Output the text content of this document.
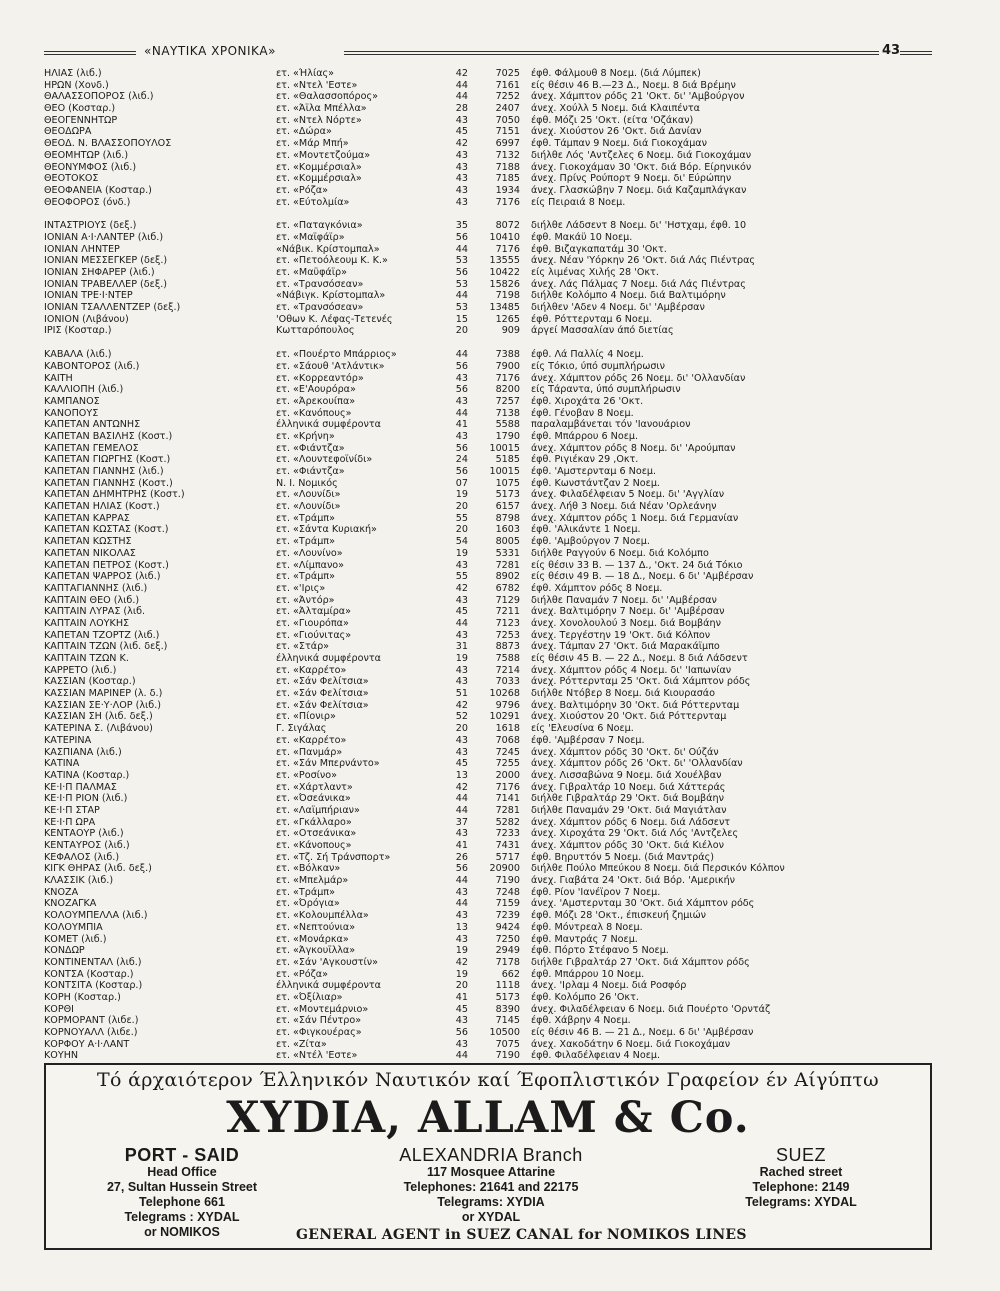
«ΝΑΥΤΙΚΑ ΧΡΟΝΙΚΑ»	43
ΗΛΙΑΣ (λιб.)	ετ. «Ήλίας»	42	7025 έφθ. Φάλμουθ 8 Νοεμ. (διά Λύμπεκ)
ΗΡΩΝ (Χονδ.)	ετ. «Ντελ 'Εστε»	44	7161 είς θέσιν 46 Β.—23 Δ., Νοεμ. 8 διά Βρέμην
ΘΑΛΑΣΣΟΠΟΡΟΣ (λιб.)	ετ. «Θαλασσοπόρος»	44	7252 άνεχ. Χάμπτον ρόδς 21 'Οκτ. δι' 'Αμβούργον
ΘΕΟ (Κοσταρ.)	ετ. «Άϊλα Μπέλλα»	28	2407 άνεχ. Χούλλ 5 Νοεμ. διά Κλαιπέντα
ΘΕΟΓΕΝΝΗΤΩΡ	ετ. «Ντελ Νόρτε»	43	7050 έφθ. Μόζι 25 'Οκτ. (είτα 'Οζάκαν)
ΘΕΟΔΩΡΑ	ετ. «Δώρα»	45	7151 άνεχ. Χιούστον 26 'Οκτ. διά Δανίαν
ΘΕΟΔ. Ν. ΒΛΑΣΣΟΠΟΥΛΟΣ	ετ. «Μάρ Μπή»	42	6997 έφθ. Τάμπαν 9 Νοεμ. διά Γιοκοχάμαν
ΘΕΟΜΗΤΩΡ (λιб.)	ετ. «Μοντετζούμα»	43	7132 διήλθε Λός 'Αντζελες 6 Νοεμ. διά Γιοκοχάμαν
ΘΕΟΝΥΜΦΟΣ (λιб.)	ετ. «Κομμέρσιαλ»	43	7188 άνεχ. Γιοκοχάμαν 30 'Οκτ. διά Βόρ. Είρηνικόν
ΘΕΟΤΟΚΟΣ	ετ. «Κομμέρσιαλ»	43	7185 άνεχ. Πρίνς Ρούπορτ 9 Νοεμ. δι' Εύρώπην
ΘΕΟΦΑΝΕΙΑ (Κοσταρ.)	ετ. «Ρόζα»	43	1934 άνεχ. Γλασκώβην 7 Νοεμ. διά Καζαμπλάγκαν
ΘΕΟΦΟΡΟΣ (όνδ.)	ετ. «Εύτολμία»	43	7176 είς Πειραιά 8 Νοεμ.
ΙΝΤΑΣΤΡΙΟΥΣ (δεξ.)	ετ. «Παταγκόνια»	35	8072 διήλθε Λάδσεντ 8 Νοεμ. δι' 'Ηστχαμ, έφθ. 10
ΙΟΝΙΑΝ Α·Ι·ΛΑΝΤΕΡ (λιб.)	ετ. «Μαϊφάϊρ»	56	10410 έφθ. Μακάϋ 10 Νοεμ.
ΙΟΝΙΑΝ ΛΗΝΤΕΡ	«Νάβικ. Κρίστομπαλ»	44	7176 έφθ. Βιζαγκαπατάμ 30 'Οκτ.
ΙΟΝΙΑΝ ΜΕΣΣΕΓΚΕΡ (δεξ.)	ετ. «Πετοόλεουμ Κ. Κ.»	53	13555 άνεχ. Νέαν 'Υόρκην 26 'Οκτ. διά Λάς Πιέντρας
ΙΟΝΙΑΝ ΣΗΦΑΡΕΡ (λιб.)	ετ. «Μαϋφάϊρ»	56	10422 είς λιμένας Χιλής 28 'Οκτ.
ΙΟΝΙΑΝ ΤΡΑΒΕΛΛΕΡ (δεξ.)	ετ. «Τρανσόσεαν»	53	15826 άνεχ. Λάς Πάλμας 7 Νοεμ. διά Λάς Πιέντρας
ΙΟΝΙΑΝ ΤΡΕ·Ι·ΝΤΕΡ	«Νάβιγκ. Κρίστομπαλ»	44	7198 διήλθε Κολόμπο 4 Νοεμ. διά Βαλτιμόρην
ΙΟΝΙΑΝ ΤΣΑΛΛΕΝΤΖΕΡ (δεξ.)	ετ. «Τρανσόσεαν»	53	13485 διήλθεν 'Αδεν 4 Νοεμ. δι' 'Αμβέρσαν
ΙΟΝΙΟΝ (Λιβάνου)	'Οθων Κ. Λέφας-Τετενές	15	1265 έφθ. Ρόττερνταμ 6 Νοεμ.
ΙΡΙΣ (Κοσταρ.)	Κωτταρόπουλος	20	909 άργεί Μασσαλίαν άπό διετίας
ΚΑΒΑΛΑ (λιб.)	ετ. «Πουέρτο Μπάρριος»	44	7388 έφθ. Λά Παλλίς 4 Νοεμ.
ΚΑΒΟΝΤΟΡΟΣ (λιб.)	ετ. «Σάουθ 'Ατλάντικ»	56	7900 είς Τόκιο, ύπό συμπλήρωσιν
ΚΑΙΤΗ	ετ. «Κορρεαντόρ»	43	7176 άνεχ. Χάμπτον ρόδς 26 Νοεμ. δι' 'Ολλανδίαν
ΚΑΛΛΙΟΠΗ (λιб.)	ετ. «Ε'Αουρόρα»	56	8200 είς Τάραντα, ύπό συμπλήρωσιν
ΚΑΜΠΑΝΟΣ	ετ. «Άρεκουίπα»	43	7257 έφθ. Χιροχάτα 26 'Οκτ.
ΚΑΝΟΠΟΥΣ	ετ. «Κανόπους»	44	7138 έφθ. Γένοβαν 8 Νοεμ.
ΚΑΠΕΤΑΝ ΑΝΤΩΝΗΣ	έλληνικά συμφέροντα	41	5588 παραλαμβάνεται τόν 'Ιανουάριον
ΚΑΠΕΤΑΝ ΒΑΣΙΛΗΣ (Κοστ.)	ετ. «Κρήνη»	43	1790 έφθ. Μπάρρου 6 Νοεμ.
ΚΑΠΕΤΑΝ ΓΕΜΕΛΟΣ	ετ. «Φιάντζα»	56	10015 άνεχ. Χάμπτον ρόδς 8 Νοεμ. δι' 'Αρούμπαν
ΚΑΠΕΤΑΝ ΓΙΩΡΓΗΣ (Κοστ.)	ετ. «Λουντεφοϊνίδι»	24	5185 έφθ. Ριγιέκαν 29 ,Οκτ.
ΚΑΠΕΤΑΝ ΓΙΑΝΝΗΣ (λιб.)	ετ. «Φιάντζα»	56	10015 έφθ. 'Αμστερνταμ 6 Νοεμ.
ΚΑΠΕΤΑΝ ΓΙΑΝΝΗΣ (Κοστ.)	Ν. Ι. Νομικός	07	1075 έφθ. Κωνστάντζαν 2 Νοεμ.
ΚΑΠΕΤΑΝ ΔΗΜΗΤΡΗΣ (Κοστ.)	ετ. «Λουνίδι»	19	5173 άνεχ. Φιλαδέλφειαν 5 Νοεμ. δι' 'Αγγλίαν
ΚΑΠΕΤΑΝ ΗΛΙΑΣ (Κοστ.)	ετ. «Λουνίδι»	20	6157 άνεχ. Λήθ 3 Νοεμ. διά Νέαν 'Ορλεάνην
ΚΑΠΕΤΑΝ ΚΑΡΡΑΣ	ετ. «Τράμπ»	55	8798 άνεχ. Χάμπτον ρόδς 1 Νοεμ. διά Γερμανίαν
ΚΑΠΕΤΑΝ ΚΩΣΤΑΣ (Κοστ.)	ετ. «Σάντα Κυριακή»	20	1603 έφθ. 'Αλικάντε 1 Νοεμ.
ΚΑΠΕΤΑΝ ΚΩΣΤΗΣ	ετ. «Τράμπ»	54	8005 έφθ. 'Αμβούργον 7 Νοεμ.
ΚΑΠΕΤΑΝ ΝΙΚΟΛΑΣ	ετ. «Λουνίνο»	19	5331 διήλθε Ραγγούν 6 Νοεμ. διά Κολόμπο
ΚΑΠΕΤΑΝ ΠΕΤΡΟΣ (Κοστ.)	ετ. «Λίμπανο»	43	7281 είς θέσιν 33 Β. — 137 Δ., 'Οκτ. 24 διά Τόκιο
ΚΑΠΕΤΑΝ ΨΑΡΡΟΣ (λιб.)	ετ. «Τράμπ»	55	8902 είς θέσιν 49 Β. — 18 Δ., Νοεμ. 6 δι' 'Αμβέρσαν
ΚΑΠΤΑΓΙΑΝΝΗΣ (λιб.)	ετ. «'Ιρις»	42	6782 έφθ. Χάμπτον ρόδς 8 Νοεμ.
ΚΑΠΤΑΙΝ ΘΕΟ (λιб.)	ετ. «Άντόρ»	43	7129 διήλθε Παναμάν 7 Νοεμ. δι' 'Αμβέρσαν
ΚΑΠΤΑΙΝ ΛΥΡΑΣ (λιб.	ετ. «Άλταμίρα»	45	7211 άνεχ. Βαλτιμόρην 7 Νοεμ. δι' 'Αμβέρσαν
ΚΑΠΤΑΙΝ ΛΟΥΚΗΣ	ετ. «Γιουρόπα»	44	7123 άνεχ. Χονολουλού 3 Νοεμ. διά Βομβάην
ΚΑΠΕΤΑΝ ΤΖΟΡΤΖ (λιб.)	ετ. «Γιούνιτας»	43	7253 άνεχ. Τεργέστην 19 'Οκτ. διά Κόλπον
ΚΑΠΤΑΙΝ ΤΖΩΝ (λιб. δεξ.)	ετ. «Στάρ»	31	8873 άνεχ. Τάμπαν 27 'Οκτ. διά Μαρακάϊμπο
ΚΑΠΤΑΙΝ ΤΖΩΝ Κ.	έλληνικά συμφέροντα	19	7588 είς θέσιν 45 Β. — 22 Δ., Νοεμ. 8 διά Λάδσεντ
ΚΑΡΡΕΤΟ (λιб.)	ετ. «Καρρέτο»	43	7214 άνεχ. Χάμπτον ρόδς 4 Νοεμ. δι' 'Ιαπωνίαν
ΚΑΣΣΙΑΝ (Κοσταρ.)	ετ. «Σάν Φελίτσια»	43	7033 άνεχ. Ρόττερνταμ 25 'Οκτ. διά Χάμπτον ρόδς
ΚΑΣΣΙΑΝ ΜΑΡΙΝΕΡ (λ. δ.)	ετ. «Σάν Φελίτσια»	51	10268 διήλθε Ντόβερ 8 Νοεμ. διά Κιουρασάο
ΚΑΣΣΙΑΝ ΣΕ·Υ·ΛΟΡ (λιб.)	ετ. «Σάν Φελίτσια»	42	9796 άνεχ. Βαλτιμόρην 30 'Οκτ. διά Ρόττερνταμ
ΚΑΣΣΙΑΝ ΣΗ (λιб. δεξ.)	ετ. «Πίονιρ»	52	10291 άνεχ. Χιούστον 20 'Οκτ. διά Ρόττερνταμ
ΚΑΤΕΡΙΝΑ Σ. (Λιβάνου)	Γ. Σιγάλας	20	1618 είς 'Ελευσίνα 6 Νοεμ.
ΚΑΤΕΡΙΝΑ	ετ. «Καρρέτο»	43	7068 έφθ. 'Αμβέρσαν 7 Νοεμ.
ΚΑΣΠΙΑΝΑ (λιб.)	ετ. «Πανμάρ»	43	7245 άνεχ. Χάμπτον ρόδς 30 'Οκτ. δι' Ούζάν
ΚΑΤΙΝΑ	ετ. «Σάν Μπερνάντο»	45	7255 άνεχ. Χάμπτον ρόδς 26 'Οκτ. δι' 'Ολλανδίαν
ΚΑΤΙΝΑ (Κοσταρ.)	ετ. «Ροσίνο»	13	2000 άνεχ. Λισσαβώνα 9 Νοεμ. διά Χουέλβαν
ΚΕ·Ι·Π ΠΑΛΜΑΣ	ετ. «Χάρτλαντ»	42	7176 άνεχ. Γιβραλτάρ 10 Νοεμ. διά Χάττεράς
ΚΕ·Ι·Π ΡΙΟΝ (λιб.)	ετ. «Όσεάνικα»	44	7141 διήλθε Γιβραλτάρ 29 'Οκτ. διά Βομβάην
ΚΕ·Ι·Π ΣΤΑΡ	ετ. «Λαϊμπήριαν»	44	7281 διήλθε Παναμάν 29 'Οκτ. διά Μαγιάτλαν
ΚΕ·Ι·Π ΩΡΑ	ετ. «Γκάλλαρο»	37	5282 άνεχ. Χάμπτον ρόδς 6 Νοεμ. διά Λάδσεντ
ΚΕΝΤΑΟΥΡ (λιб.)	ετ. «Οτσεάνικα»	43	7233 άνεχ. Χιροχάτα 29 'Οκτ. διά Λός 'Αντζελες
ΚΕΝΤΑΥΡΟΣ (λιб.)	ετ. «Κάνοπους»	41	7431 άνεχ. Χάμπτον ρόδς 30 'Οκτ. διά Κιέλον
ΚΕΦΑΛΟΣ (λιб.)	ετ. «Τζ. Σή Τράνσπορτ»	26	5717 έφθ. Βηρυττόν 5 Νοεμ. (διά Μαντράς)
ΚΙΓΚ ΘΗΡΑΣ (λιб. δεξ.)	ετ. «Βόλκαν»	56	20900 διήλθε Πούλο Μπεύκου 8 Νοεμ. διά Περσικόν Κόλπον
ΚΛΑΣΣΙΚ (λιб.)	ετ. «Μπελμάρ»	44	7190 άνεχ. Γιαβάτα 24 'Οκτ. διά Βόρ. 'Αμερικήν
ΚΝΟΖΑ	ετ. «Τράμπ»	43	7248 έφθ. Ρίον 'Ιανέϊρον 7 Νοεμ.
ΚΝΟΖΑΓΚΑ	ετ. «Όρόγια»	44	7159 άνεχ. 'Αμστερνταμ 30 'Οκτ. διά Χάμπτον ρόδς
ΚΟΛΟΥΜΠΕΛΛΑ (λιб.)	ετ. «Κολουμπέλλα»	43	7239 έφθ. Μόζι 28 'Οκτ., έπισκευή ζημιών
ΚΟΛΟΥΜΠΙΑ	ετ. «Νεπτούνια»	13	9424 έφθ. Μόντρεαλ 8 Νοεμ.
ΚΟΜΕΤ (λιб.)	ετ. «Μονάρκα»	43	7250 έφθ. Μαντράς 7 Νοεμ.
ΚΟΝΔΩΡ	ετ. «Άγκουΐλλα»	19	2949 έφθ. Πόρτο Στέφανο 5 Νοεμ.
ΚΟΝΤΙΝΕΝΤΑΛ (λιб.)	ετ. «Σάν 'Αγκουστίν»	42	7178 διήλθε Γιβραλτάρ 27 'Οκτ. διά Χάμπτον ρόδς
ΚΟΝΤΣΑ (Κοσταρ.)	ετ. «Ρόζα»	19	662 έφθ. Μπάρρου 10 Νοεμ.
ΚΟΝΤΣΙΤΑ (Κοσταρ.)	έλληνικά συμφέροντα	20	1118 άνεχ. 'Ιρλαμ 4 Νοεμ. διά Ροσφόρ
ΚΟΡΗ (Κοσταρ.)	ετ. «Όξίλιαρ»	41	5173 έφθ. Κολόμπο 26 'Οκτ.
ΚΟΡΘΙ	ετ. «Μοντεμάρνιο»	45	8390 άνεχ. Φιλαδέλφειαν 6 Νοεμ. διά Πουέρτο 'Ορντάζ
ΚΟΡΜΟΡΑΝΤ (λιбε.)	ετ. «Σάν Πέντρο»	43	7145 έφθ. Χάβρην 4 Νοεμ.
ΚΟΡΝΟΥΑΛΛ (λιбε.)	ετ. «Φιγκουέρας»	56	10500 είς θέσιν 46 Β. — 21 Δ., Νοεμ. 6 δι' 'Αμβέρσαν
ΚΟΡΦΟΥ Α·Ι·ΛΑΝΤ	ετ. «Ζίτα»	43	7075 άνεχ. Χακοδάτην 6 Νοεμ. διά Γιοκοχάμαν
ΚΟΥΗΝ	ετ. «Ντέλ 'Εστε»	44	7190 έφθ. Φιλαδέλφειαν 4 Νοεμ.
Τό άρχαιότερον Έλληνικόν Ναυτικόν καί Έφοπλιστικόν Γραφείον έν Αίγύπτω
XYDIA, ALLAM & Co.
PORT - SAID
Head Office
27, Sultan Hussein Street
Telephone 661
Telegrams : XYDAL
or NOMIKOS
ALEXANDRIA Branch
117 Mosquee Attarine
Telephones: 21641 and 22175
Telegrams: XYDIA
or XYDAL
SUEZ
Rached street
Telephone: 2149
Telegrams: XYDAL
GENERAL AGENT in SUEZ CANAL for NOMIKOS LINES
